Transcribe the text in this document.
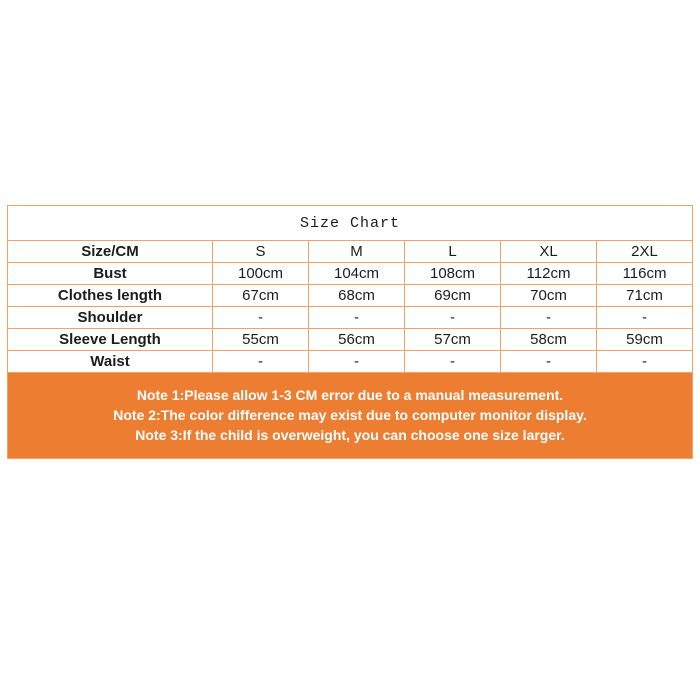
Size Chart					
Size/CM	S	M	L	XL	2XL
Bust	100cm	104cm	108cm	112cm	116cm
Clothes length	67cm	68cm	69cm	70cm	71cm
Shoulder	-	-	-	-	-
Sleeve Length	55cm	56cm	57cm	58cm	59cm
Waist	-	-	-	-	-
Note 1:Please allow 1-3 CM error due to a manual measurement.
Note 2:The color difference may exist due to computer monitor display.
Note 3:If the child is overweight, you can choose one size larger.
